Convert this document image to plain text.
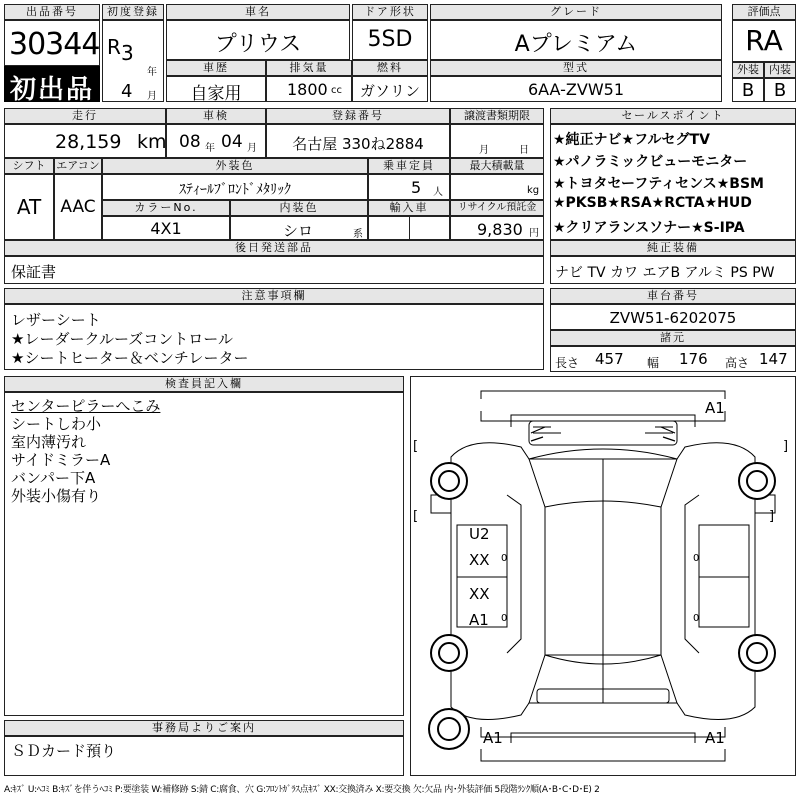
出品番号
30344
初出品
初度登録
R 3
年
4 月
車名
プリウス
ドア形状
5SD
グレード
Aプレミアム
評価点
RA
車歴
自家用
排気量
1800 cc
燃料
ガソリン
型式
6AA-ZVW51
外装 内装
B	B
走行
28,159 km
車検
08 年 04 月
登録番号
名古屋 330ね2884
譲渡書類期限
月	日
シフト
AT
エアコン
AAC
外装色
ｽﾃｨｰﾙﾌﾞﾛﾝﾄﾞﾒﾀﾘｯｸ
乗車定員
5 人
最大積載量
kg
カラーNo.
4X1
内装色
シロ	系
輸入車	リサイクル預託金
9,830 円
後日発送部品
保証書
セールスポイント
★純正ナビ★フルセグTV
★パノラミックビューモニター
★トヨタセーフティセンス★BSM
★PKSB★RSA★RCTA★HUD
★クリアランスソナー★S-IPA
純正装備
ナビ TV カワ エアB アルミ PS PW
注意事項欄
レザーシート
★レーダークルーズコントロール
★シートヒーター＆ベンチレーター
車台番号
ZVW51-6202075
諸元
長さ 457 幅 176 高さ 147
検査員記入欄
センターピラーへこみ
シートしわ小
室内薄汚れ
サイドミラーA
バンパー下A
外装小傷有り
事務局よりご案内
ＳＤカード預り
A1
[	]
[	]
U2
XX 0	0
XX
A1 0	0
A1	A1
A:ｷｽﾞ U:ﾍｺﾐ B:ｷｽﾞを伴うﾍｺﾐ P:要塗装 W:補修跡 S:錆 C:腐食、穴 G:ﾌﾛﾝﾄｶﾞﾗｽ点ｷｽﾞ XX:交換済み X:要交換 欠:欠品 内･外装評価 5段階ﾗﾝｸ順(A･B･C･D･E) 2
